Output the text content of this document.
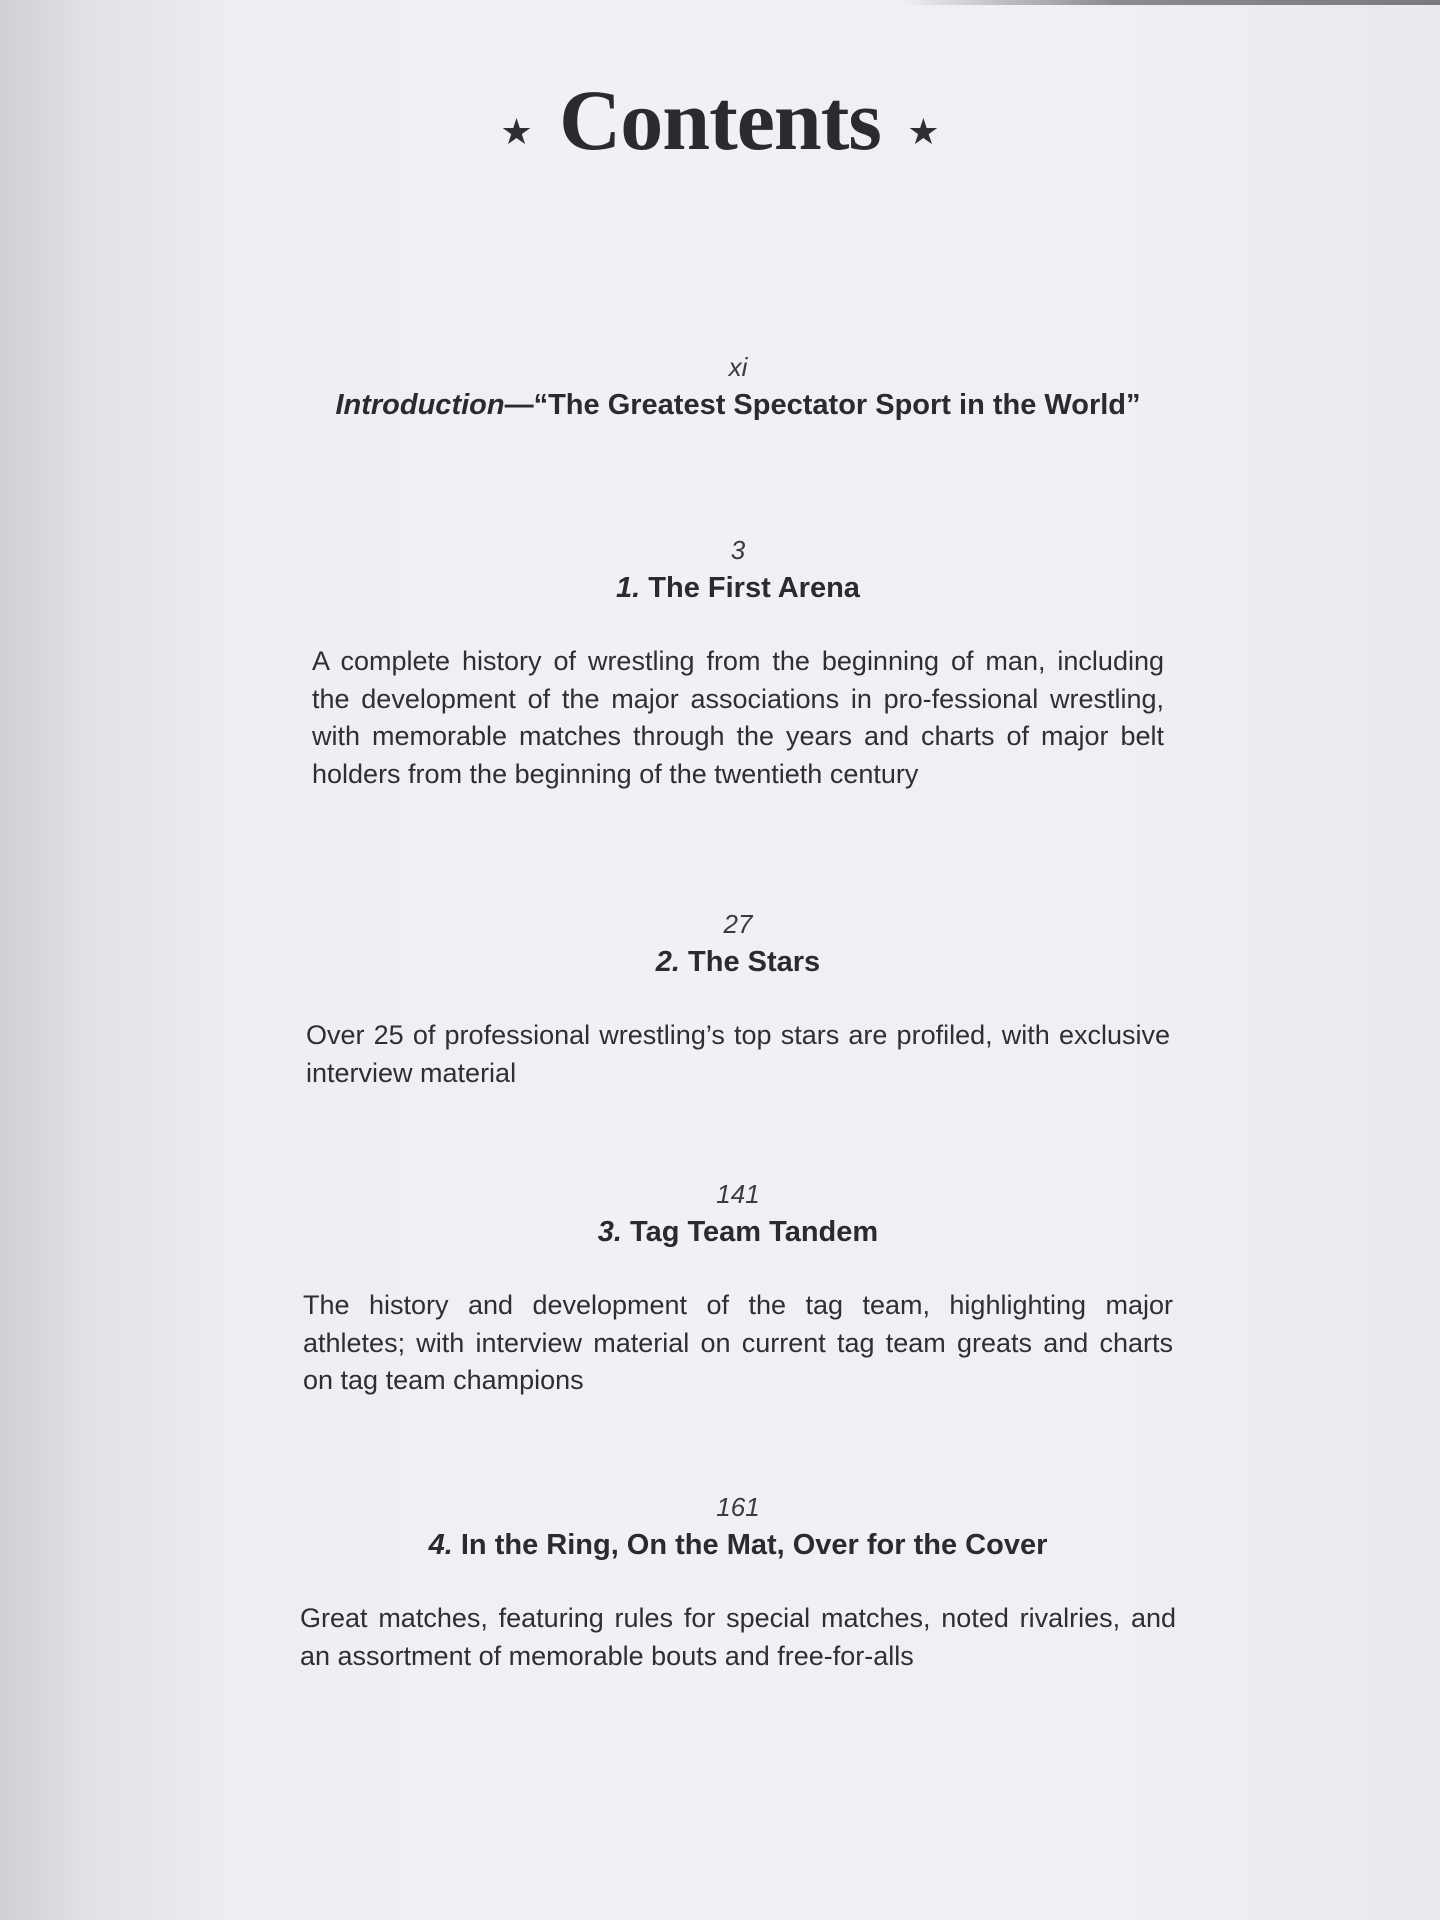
★ Contents ★
xi
Introduction—“The Greatest Spectator Sport in the World”
3
1. The First Arena
A complete history of wrestling from the beginning of man, including the development of the major associations in pro-fessional wrestling, with memorable matches through the years and charts of major belt holders from the beginning of the twentieth century
27
2. The Stars
Over 25 of professional wrestling’s top stars are profiled, with exclusive interview material
141
3. Tag Team Tandem
The history and development of the tag team, highlighting major athletes; with interview material on current tag team greats and charts on tag team champions
161
4. In the Ring, On the Mat, Over for the Cover
Great matches, featuring rules for special matches, noted rivalries, and an assortment of memorable bouts and free-for-alls
